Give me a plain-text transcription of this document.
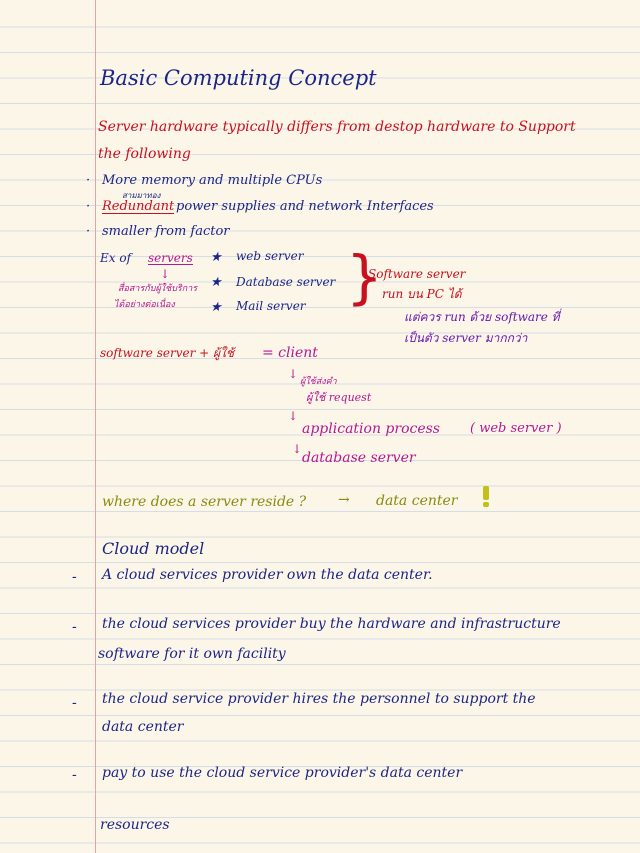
Basic Computing Concept
Server hardware typically differs from destop hardware to Support
the following
· More memory and multiple CPUs
สามมาทอง
· Redundant power supplies and network Interfaces
· smaller from factor
Ex of servers
↓
สื่อสารกับผู้ใช้บริการ
ได้อย่างต่อเนื่อง
★ web server
★ Database server
★ Mail server }
Software server
run บน PC ได้
แต่ควร run ด้วย software ที่
เป็นตัว server มากกว่า
software server + ผู้ใช้ = client
↓
ผู้ใช้ส่งคำ
ผู้ใช้ request
↓
application process ( web server )
↓
database server
where does a server reside ? → data center
Cloud model
- A cloud services provider own the data center.
- the cloud services provider buy the hardware and infrastructure
software for it own facility
- the cloud service provider hires the personnel to support the
data center
- pay to use the cloud service provider's data center
resources
